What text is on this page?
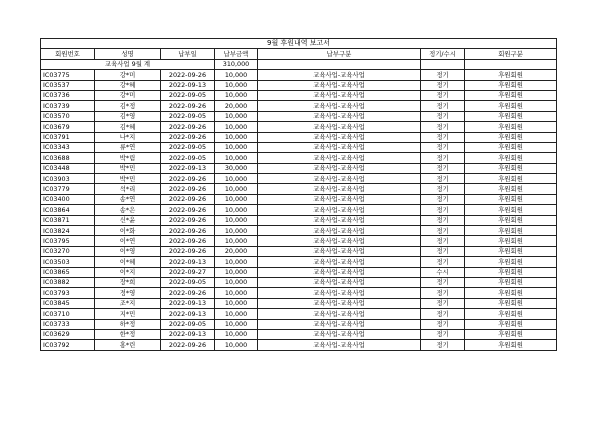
9월 후원내역 보고서						
회원번호	성명	납부일	납부금액	납부구분	정기/수시	회원구분
교육사업 9월 계			310,000			
IC03775	강*미	2022-09-26	10,000	교육사업-교육사업	정기	후원회원
IC03537	강*혜	2022-09-13	10,000	교육사업-교육사업	정기	후원회원
IC03736	강*미	2022-09-05	10,000	교육사업-교육사업	정기	후원회원
IC03739	김*정	2022-09-26	20,000	교육사업-교육사업	정기	후원회원
IC03570	김*영	2022-09-05	10,000	교육사업-교육사업	정기	후원회원
IC03679	김*혜	2022-09-26	10,000	교육사업-교육사업	정기	후원회원
IC03791	나*지	2022-09-26	10,000	교육사업-교육사업	정기	후원회원
IC03343	류*연	2022-09-05	10,000	교육사업-교육사업	정기	후원회원
IC03688	박*림	2022-09-05	10,000	교육사업-교육사업	정기	후원회원
IC03448	박*민	2022-09-13	30,000	교육사업-교육사업	정기	후원회원
IC03903	박*민	2022-09-26	10,000	교육사업-교육사업	정기	후원회원
IC03779	석*리	2022-09-26	10,000	교육사업-교육사업	정기	후원회원
IC03400	송*연	2022-09-26	10,000	교육사업-교육사업	정기	후원회원
IC03864	송*은	2022-09-26	10,000	교육사업-교육사업	정기	후원회원
IC03871	신*윤	2022-09-26	10,000	교육사업-교육사업	정기	후원회원
IC03824	이*화	2022-09-26	10,000	교육사업-교육사업	정기	후원회원
IC03795	이*연	2022-09-26	10,000	교육사업-교육사업	정기	후원회원
IC03270	이*영	2022-09-26	20,000	교육사업-교육사업	정기	후원회원
IC03503	이*혜	2022-09-13	10,000	교육사업-교육사업	정기	후원회원
IC03865	이*지	2022-09-27	10,000	교육사업-교육사업	수시	후원회원
IC03882	장*희	2022-09-05	10,000	교육사업-교육사업	정기	후원회원
IC03793	정*영	2022-09-26	10,000	교육사업-교육사업	정기	후원회원
IC03845	조*지	2022-09-13	10,000	교육사업-교육사업	정기	후원회원
IC03710	지*민	2022-09-13	10,000	교육사업-교육사업	정기	후원회원
IC03733	하*정	2022-09-05	10,000	교육사업-교육사업	정기	후원회원
IC03629	한*정	2022-09-13	10,000	교육사업-교육사업	정기	후원회원
IC03792	홍*린	2022-09-26	10,000	교육사업-교육사업	정기	후원회원
